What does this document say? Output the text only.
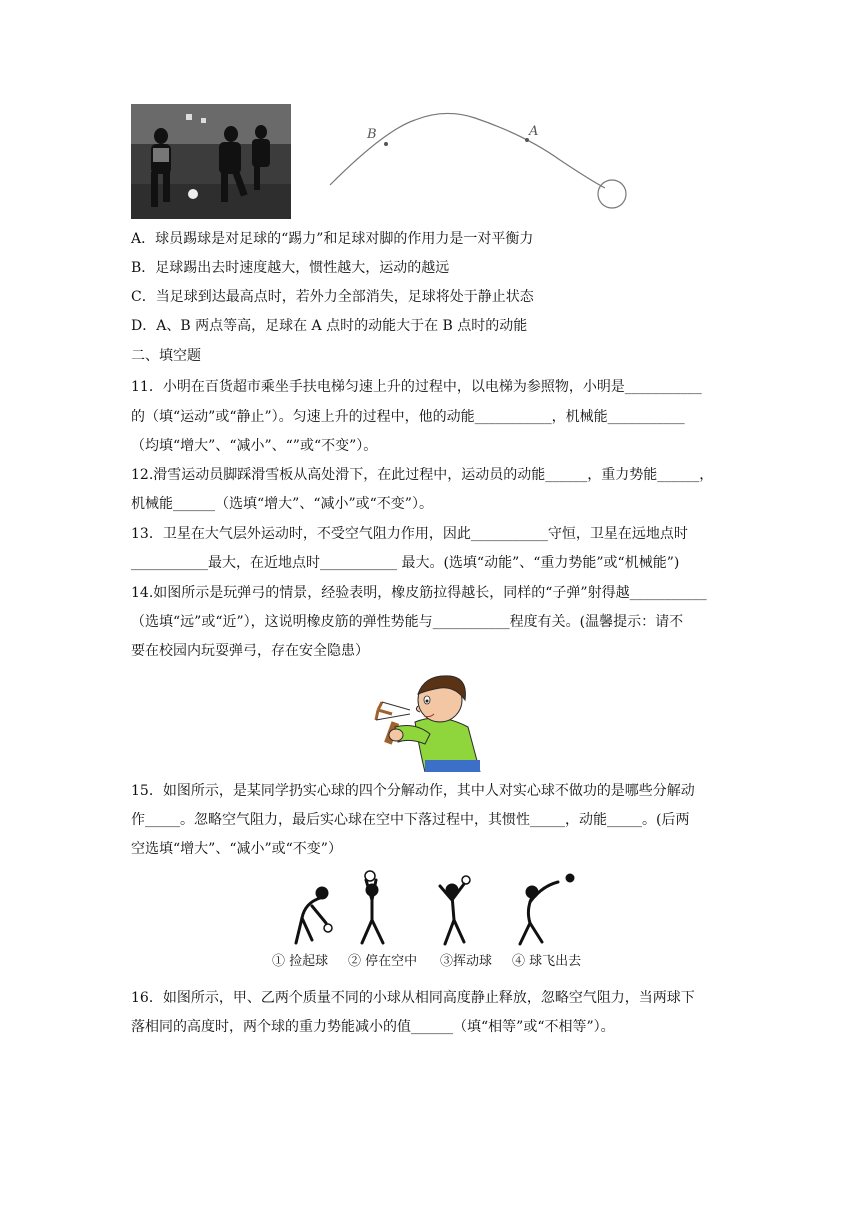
B	A
A．球员踢球是对足球的“踢力”和足球对脚的作用力是一对平衡力
B．足球踢出去时速度越大，惯性越大，运动的越远
C．当足球到达最高点时，若外力全部消失，足球将处于静止状态
D．A、B 两点等高，足球在 A 点时的动能大于在 B 点时的动能
二、填空题
11．小明在百货超市乘坐手扶电梯匀速上升的过程中，以电梯为参照物，小明是___________
的（填“运动”或“静止”）。匀速上升的过程中，他的动能___________，机械能___________
（均填“增大”、“减小”、“”或“不变”）。
12.滑雪运动员脚踩滑雪板从高处滑下，在此过程中，运动员的动能______，重力势能______，
机械能______（选填“增大”、“减小”或“不变”）。
13．卫星在大气层外运动时，不受空气阻力作用，因此___________守恒，卫星在远地点时
___________最大，在近地点时___________ 最大。(选填“动能”、“重力势能”或“机械能”)
14.如图所示是玩弹弓的情景，经验表明，橡皮筋拉得越长，同样的“子弹”射得越___________
（选填“远”或“近”），这说明橡皮筋的弹性势能与___________程度有关。(温馨提示：请不
要在校园内玩耍弹弓，存在安全隐患）
15．如图所示，是某同学扔实心球的四个分解动作，其中人对实心球不做功的是哪些分解动
作_____。忽略空气阻力，最后实心球在空中下落过程中，其惯性_____，动能_____。(后两
空选填“增大”、“减小”或“不变”）
① 捡起球 ② 停在空中 ③挥动球 ④ 球飞出去
16．如图所示，甲、乙两个质量不同的小球从相同高度静止释放，忽略空气阻力，当两球下
落相同的高度时，两个球的重力势能减小的值______（填“相等”或“不相等”）。
